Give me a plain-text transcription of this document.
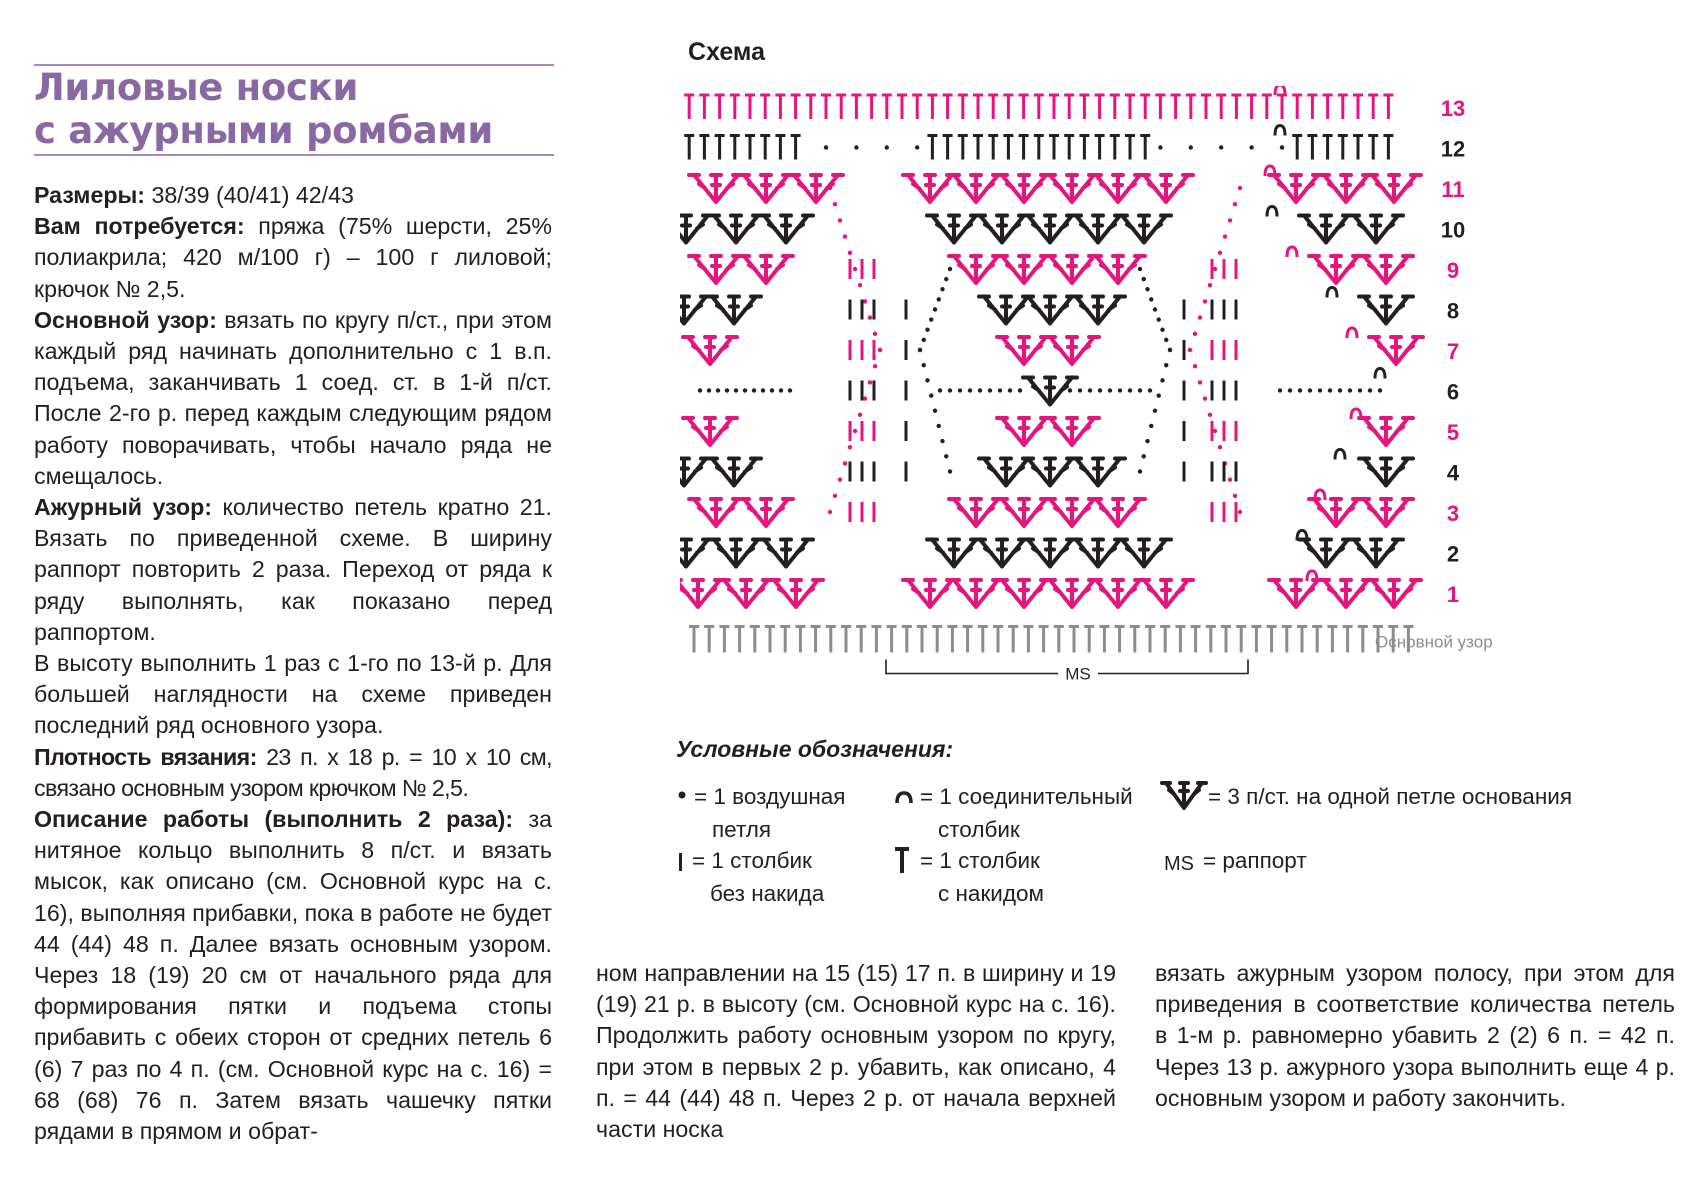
Лиловые носки
с ажурными ромбами

Размеры: 38/39 (40/41) 42/43

Вам потребуется: пряжа (75% шерсти, 25% полиакрила; 420 м/100 г) – 100 г лиловой; крючок № 2,5.

Основной узор: вязать по кругу п/ст., при этом каждый ряд начинать дополнительно с 1 в.п. подъема, заканчивать 1 соед. ст. в 1-й п/ст. После 2-го р. перед каждым следующим рядом работу поворачивать, чтобы начало ряда не смещалось.

Ажурный узор: количество петель кратно 21. Вязать по приведенной схеме. В ширину раппорт повторить 2 раза. Переход от ряда к ряду выполнять, как показано перед раппортом.

В высоту выполнить 1 раз с 1-го по 13-й р. Для большей наглядности на схеме приведен последний ряд основного узора.

Плотность вязания: 23 п. х 18 р. = 10 х 10 см, связано основным узором крючком № 2,5.

Описание работы (выполнить 2 раза): за нитяное кольцо выполнить 8 п/ст. и вязать мысок, как описано (см. Основной курс на с. 16), выполняя прибавки, пока в работе не будет 44 (44) 48 п. Далее вязать основным узором. Через 18 (19) 20 см от начального ряда для формирования пятки и подъема стопы прибавить с обеих сторон от средних петель 6 (6) 7 раз по 4 п. (см. Основной курс на с. 16) = 68 (68) 76 п. Затем вязать чашечку пятки рядами в прямом и обрат-

ном направлении на 15 (15) 17 п. в ширину и 19 (19) 21 р. в высоту (см. Основной курс на с. 16). Продолжить работу основным узором по кругу, при этом в первых 2 р. убавить, как описано, 4 п. = 44 (44) 48 п. Через 2 р. от начала верхней части носка
вязать ажурным узором полосу, при этом для приведения в соответствие количества петель в 1-м р. равномерно убавить 2 (2) 6 п. = 42 п. Через 13 р. ажурного узора выполнить еще 4 р. основным узором и работу закончить.
Схема
1
2
3
4
5
6
7
8
9
10
11
12
13
Основной узор
MS
Условные обозначения:
= 1 воздушная
петля
= 1 соединительный
столбик
= 3 п/ст. на одной петле основания
= 1 столбик
без накида
= 1 столбик
с накидом
MS = раппорт
